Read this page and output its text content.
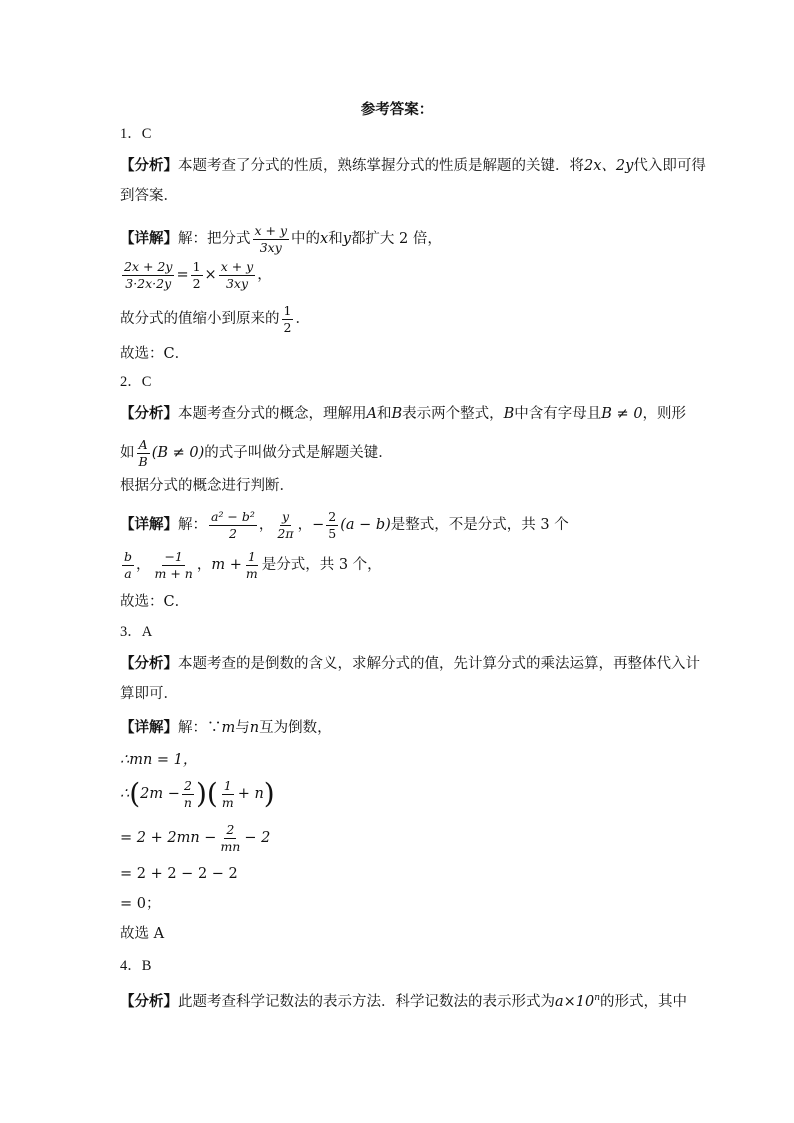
参考答案：
1．C
【分析】本题考查了分式的性质，熟练掌握分式的性质是解题的关键．将2x、2y代入即可得
到答案．
【详解】解：把分式 $\frac{x + y}{3xy}$ 中的x和y都扩大 2 倍，
$\frac{2x + 2y}{3\cdot 2x\cdot 2y} = \frac{1}{2} \times \frac{x + y}{3xy}$ ，
故分式的值缩小到原来的 $\frac{1}{2}$ ．
故选：C．
2．C
【分析】本题考查分式的概念，理解用A和B表示两个整式，B中含有字母且B ≠ 0，则形
如 $\frac{A}{B} (B \ne 0)$的式子叫做分式是解题关键．
根据分式的概念进行判断．
【详解】解： $\frac{\text{a² − b²}}{2}$ ， $\frac{y}{2\pi}$ ，− $\frac{2}{5} (a - b)$是整式，不是分式，共 3 个
$\frac{b}{a}$ ， $\frac{-1}{m + n}$ ，$m + \frac{1}{m}$ 是分式，共 3 个，
故选：C．
3．A
【分析】本题考查的是倒数的含义，求解分式的值，先计算分式的乘法运算，再整体代入计
算即可．
【详解】解：∵m与n互为倒数，
∴mn = 1，
∴(2m − $\frac{2}{n}$ )( $\frac{1}{m} + n$)
= $2 + 2mn - \frac{2}{mn} - 2$
= 2 + 2 − 2 − 2
= 0；
故选 A
4．B
【分析】此题考查科学记数法的表示方法．科学记数法的表示形式为$a\times 10^n$的形式，其中
